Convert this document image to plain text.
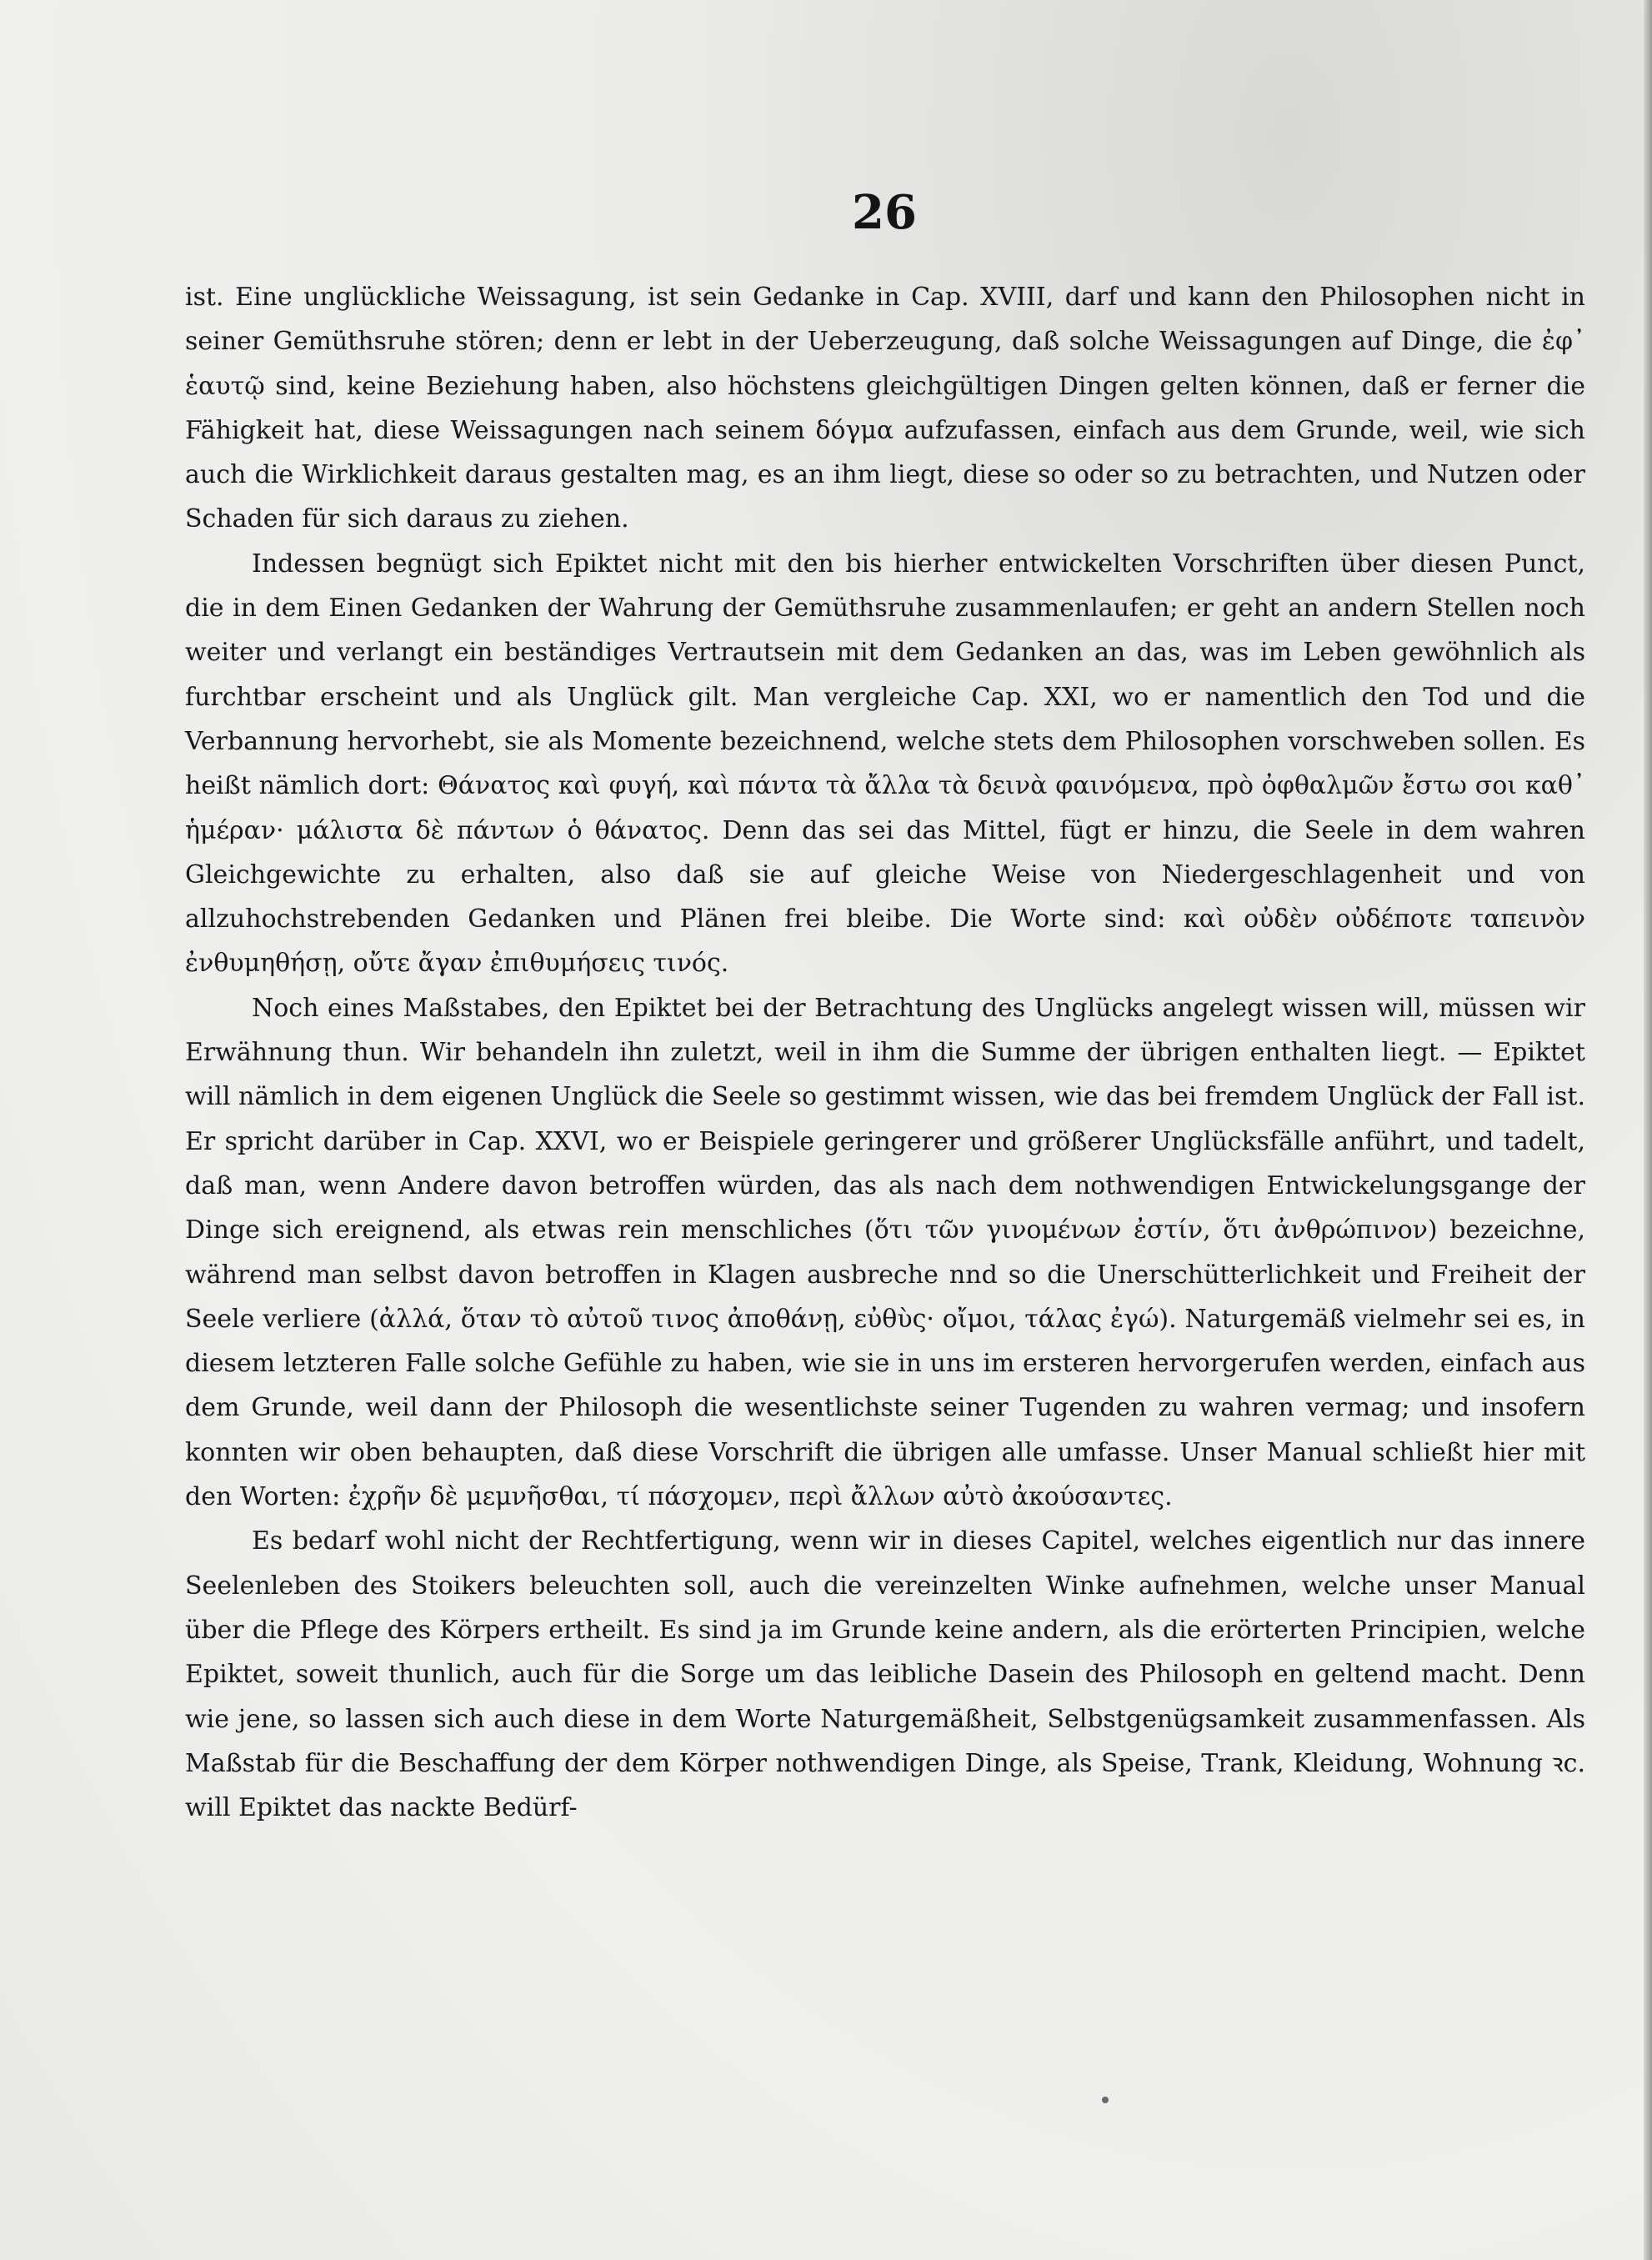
26

ist. Eine unglückliche Weissagung, ist sein Gedanke in Cap. XVIII, darf und kann den Philosophen nicht in seiner Gemüthsruhe stören; denn er lebt in der Ueberzeugung, daß solche Weissagungen auf Dinge, die ἐφ᾽ ἑαυτῷ sind, keine Beziehung haben, also höchstens gleichgültigen Dingen gelten können, daß er ferner die Fähigkeit hat, diese Weissagungen nach seinem δόγμα aufzufassen, einfach aus dem Grunde, weil, wie sich auch die Wirklichkeit daraus gestalten mag, es an ihm liegt, diese so oder so zu betrachten, und Nutzen oder Schaden für sich daraus zu ziehen.

Indessen begnügt sich Epiktet nicht mit den bis hierher entwickelten Vorschriften über diesen Punct, die in dem Einen Gedanken der Wahrung der Gemüthsruhe zusammenlaufen; er geht an andern Stellen noch weiter und verlangt ein beständiges Vertrautsein mit dem Gedanken an das, was im Leben gewöhnlich als furchtbar erscheint und als Unglück gilt. Man vergleiche Cap. XXI, wo er namentlich den Tod und die Verbannung hervorhebt, sie als Momente bezeichnend, welche stets dem Philosophen vorschweben sollen. Es heißt nämlich dort: Θάνατος καὶ φυγή, καὶ πάντα τὰ ἄλλα τὰ δεινὰ φαινόμενα, πρὸ ὀφθαλμῶν ἔστω σοι καθ᾽ ἡμέραν· μάλιστα δὲ πάντων ὁ θάνατος. Denn das sei das Mittel, fügt er hinzu, die Seele in dem wahren Gleichgewichte zu erhalten, also daß sie auf gleiche Weise von Niedergeschlagenheit und von allzuhochstrebenden Gedanken und Plänen frei bleibe. Die Worte sind: καὶ οὐδὲν οὐδέποτε ταπεινὸν ἐνθυμηθήσῃ, οὔτε ἄγαν ἐπιθυμήσεις τινός.

Noch eines Maßstabes, den Epiktet bei der Betrachtung des Unglücks angelegt wissen will, müssen wir Erwähnung thun. Wir behandeln ihn zuletzt, weil in ihm die Summe der übrigen enthalten liegt. — Epiktet will nämlich in dem eigenen Unglück die Seele so gestimmt wissen, wie das bei fremdem Unglück der Fall ist. Er spricht darüber in Cap. XXVI, wo er Beispiele geringerer und größerer Unglücksfälle anführt, und tadelt, daß man, wenn Andere davon betroffen würden, das als nach dem nothwendigen Entwickelungsgange der Dinge sich ereignend, als etwas rein menschliches (ὅτι τῶν γινομένων ἐστίν, ὅτι ἀνθρώπινον) bezeichne, während man selbst davon betroffen in Klagen ausbreche nnd so die Unerschütterlichkeit und Freiheit der Seele verliere (ἀλλά, ὅταν τὸ αὐτοῦ τινος ἀποθάνῃ, εὐθὺς· οἴμοι, τάλας ἐγώ). Naturgemäß vielmehr sei es, in diesem letzteren Falle solche Gefühle zu haben, wie sie in uns im ersteren hervorgerufen werden, einfach aus dem Grunde, weil dann der Philosoph die wesentlichste seiner Tugenden zu wahren vermag; und insofern konnten wir oben behaupten, daß diese Vorschrift die übrigen alle umfasse. Unser Manual schließt hier mit den Worten: ἐχρῆν δὲ μεμνῆσθαι, τί πάσχομεν, περὶ ἄλλων αὐτὸ ἀκούσαντες.

Es bedarf wohl nicht der Rechtfertigung, wenn wir in dieses Capitel, welches eigentlich nur das innere Seelenleben des Stoikers beleuchten soll, auch die vereinzelten Winke aufnehmen, welche unser Manual über die Pflege des Körpers ertheilt. Es sind ja im Grunde keine andern, als die erörterten Principien, welche Epiktet, soweit thunlich, auch für die Sorge um das leibliche Dasein des Philosoph en geltend macht. Denn wie jene, so lassen sich auch diese in dem Worte Naturgemäßheit, Selbstgenügsamkeit zusammenfassen. Als Maßstab für die Beschaffung der dem Körper nothwendigen Dinge, als Speise, Trank, Kleidung, Wohnung ꝛc. will Epiktet das nackte Bedürf-
